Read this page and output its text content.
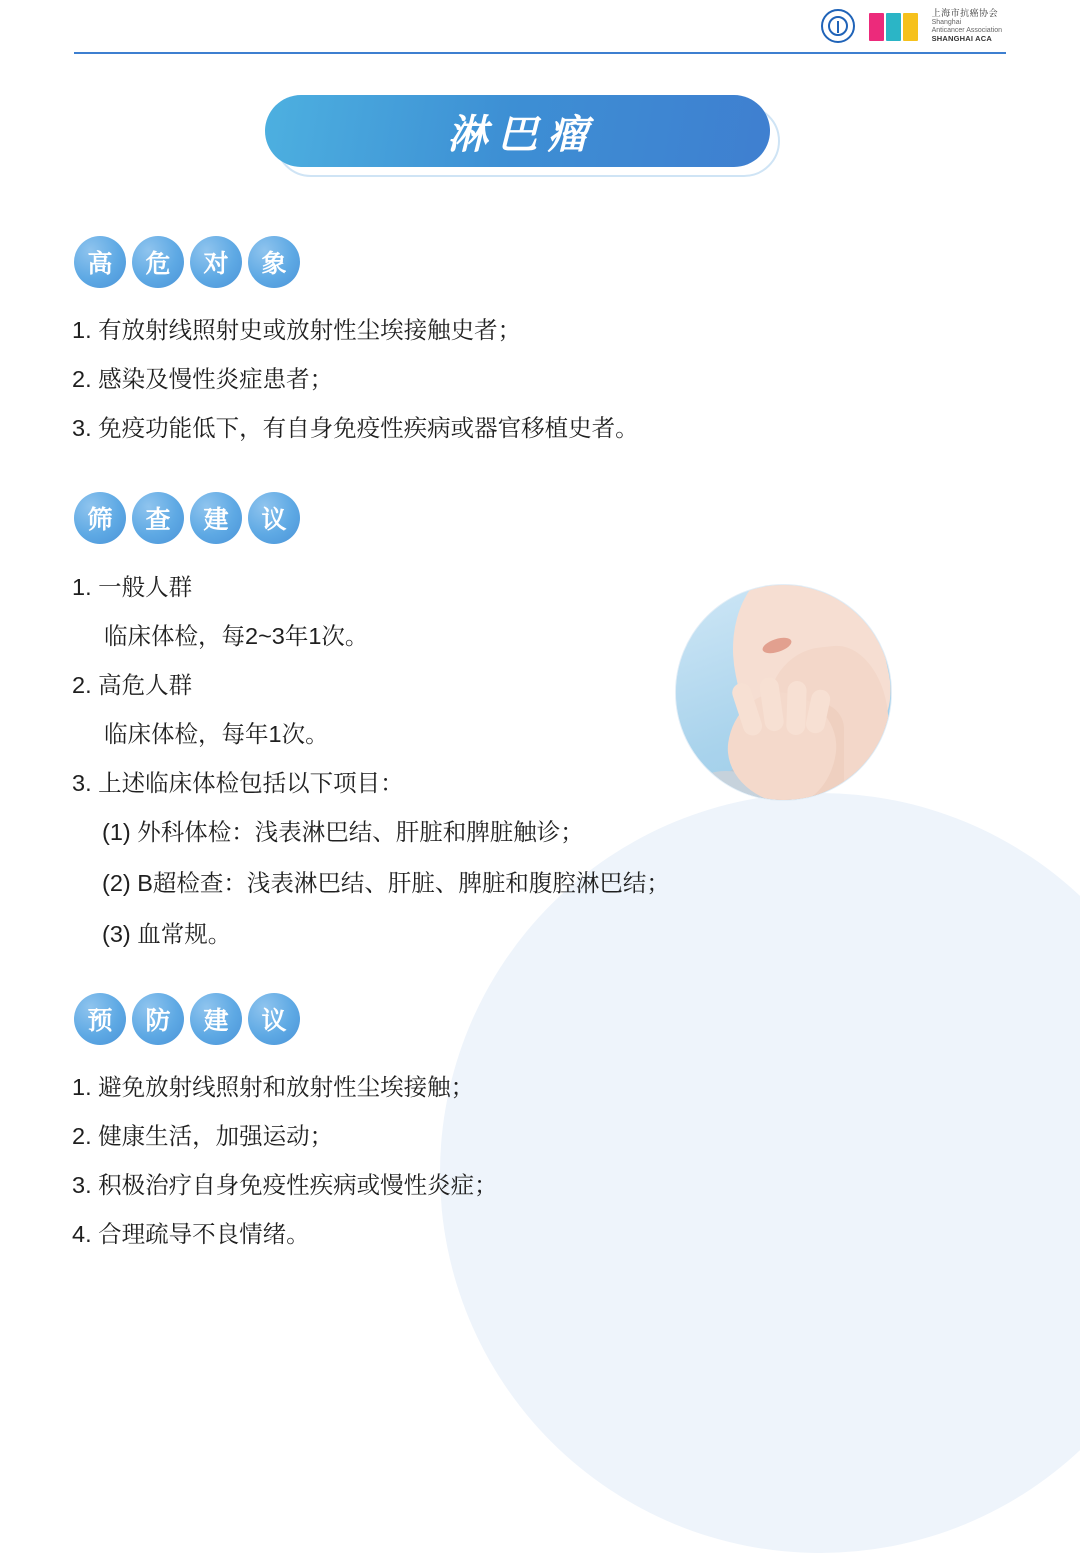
上海市抗癌协会
Shanghai
Anticancer Association
SHANGHAI ACA
淋巴瘤
高	危	对	象
1. 有放射线照射史或放射性尘埃接触史者；
2. 感染及慢性炎症患者；
3. 免疫功能低下，有自身免疫性疾病或器官移植史者。
筛	查	建	议
1. 一般人群
临床体检，每2~3年1次。
2. 高危人群
临床体检，每年1次。
3. 上述临床体检包括以下项目：
(1) 外科体检：浅表淋巴结、肝脏和脾脏触诊；
(2) B超检查：浅表淋巴结、肝脏、脾脏和腹腔淋巴结；
(3) 血常规。
预	防	建	议
1. 避免放射线照射和放射性尘埃接触；
2. 健康生活，加强运动；
3. 积极治疗自身免疫性疾病或慢性炎症；
4. 合理疏导不良情绪。
